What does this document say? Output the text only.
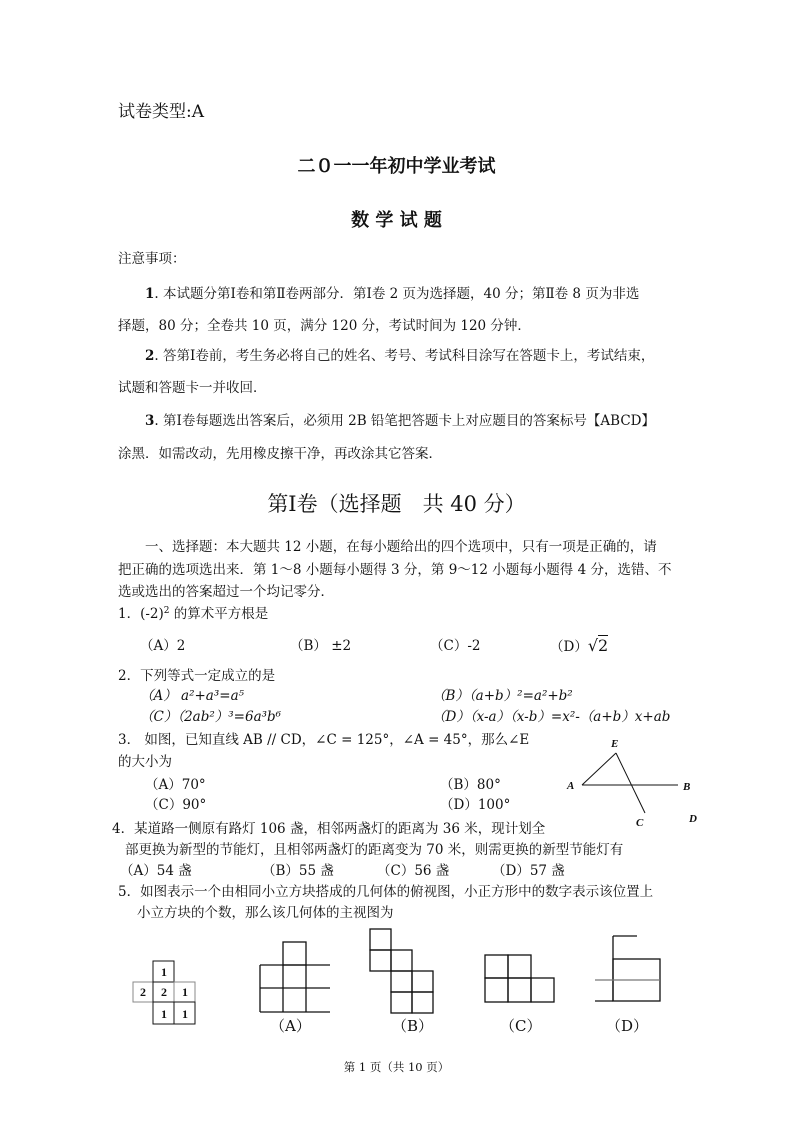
试卷类型:A
二０一一年初中学业考试
数 学 试 题
注意事项：
1. 本试题分第Ⅰ卷和第Ⅱ卷两部分．第Ⅰ卷 2 页为选择题，40 分；第Ⅱ卷 8 页为非选
择题，80 分；全卷共 10 页，满分 120 分，考试时间为 120 分钟．
2. 答第Ⅰ卷前，考生务必将自己的姓名、考号、考试科目涂写在答题卡上，考试结束，
试题和答题卡一并收回．
3. 第Ⅰ卷每题选出答案后，必须用 2B 铅笔把答题卡上对应题目的答案标号【ABCD】
涂黑．如需改动，先用橡皮擦干净，再改涂其它答案．
第Ⅰ卷（选择题　共 40 分）
一、选择题：本大题共 12 小题，在每小题给出的四个选项中，只有一项是正确的，请
把正确的选项选出来．第 1～8 小题每小题得 3 分，第 9～12 小题每小题得 4 分，选错、不
选或选出的答案超过一个均记零分．
1．$(-2)^2$ 的算术平方根是
（A）2	（B） ±2	（C）-2	（D）√2
2．下列等式一定成立的是
（A） a²+a³=a⁵	（B）（a+b）²=a²+b²
（C）（2ab²）³=6a³b⁶	（D）（x-a）（x-b）=x²-（a+b）x+ab
3． 如图，已知直线 AB // CD，∠C = 125°，∠A = 45°，那么∠E
的大小为
（A）70°	（B）80°
（C）90°	（D）100°
E
A	B
C	D
1
2 2 1
1 1
4．某道路一侧原有路灯 106 盏，相邻两盏灯的距离为 36 米，现计划全
部更换为新型的节能灯，且相邻两盏灯的距离变为 70 米，则需更换的新型节能灯有
（A）54 盏	（B）55 盏	（C）56 盏	（D）57 盏
5．如图表示一个由相同小立方块搭成的几何体的俯视图，小正方形中的数字表示该位置上
小立方块的个数，那么该几何体的主视图为
（A）	（B）	（C）	（D）
第 1 页（共 10 页）
